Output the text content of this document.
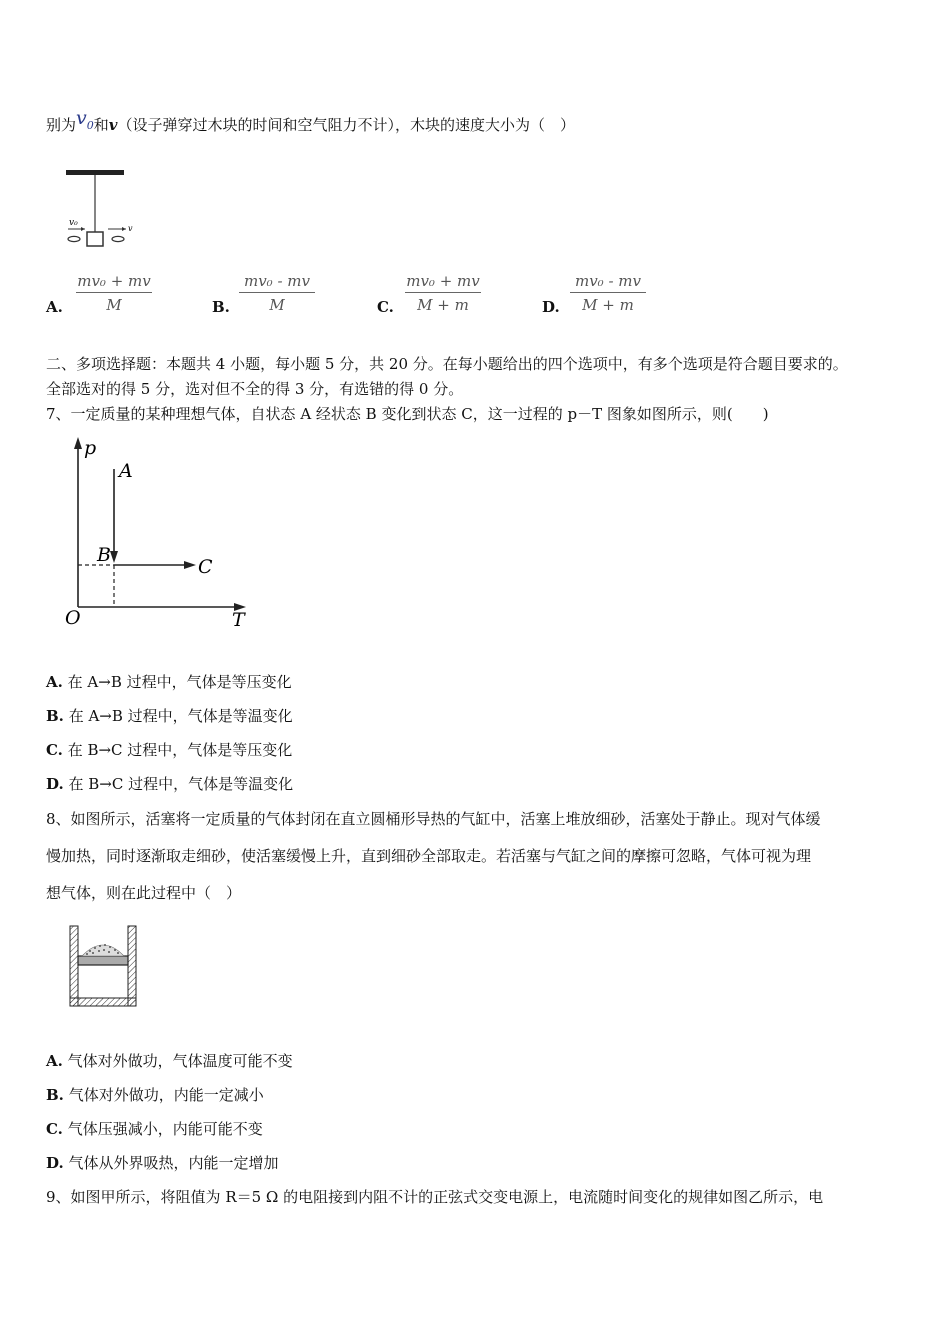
别为$v_0$和v（设子弹穿过木块的时间和空气阻力不计），木块的速度大小为（　）
v₀
v
A. $\frac{\text{mv₀ + mv}}{M}$	B. $\frac{\text{mv₀ - mv}}{M}$	C. $\frac{\text{mv₀ + mv}}{M + m}$	D. $\frac{\text{mv₀ - mv}}{M + m}$
二、多项选择题：本题共 4 小题，每小题 5 分，共 20 分。在每小题给出的四个选项中，有多个选项是符合题目要求的。
全部选对的得 5 分，选对但不全的得 3 分，有选错的得 0 分。
7、一定质量的某种理想气体，自状态 A 经状态 B 变化到状态 C，这一过程的 p－T 图象如图所示，则(　　)
p
T
O
A
B
C
A. 在 A→B 过程中，气体是等压变化
B. 在 A→B 过程中，气体是等温变化
C. 在 B→C 过程中，气体是等压变化
D. 在 B→C 过程中，气体是等温变化
8、如图所示，活塞将一定质量的气体封闭在直立圆桶形导热的气缸中，活塞上堆放细砂，活塞处于静止。现对气体缓
慢加热，同时逐渐取走细砂，使活塞缓慢上升，直到细砂全部取走。若活塞与气缸之间的摩擦可忽略，气体可视为理
想气体，则在此过程中（　）
A. 气体对外做功，气体温度可能不变
B. 气体对外做功，内能一定减小
C. 气体压强减小，内能可能不变
D. 气体从外界吸热，内能一定增加
9、如图甲所示，将阻值为 R＝5 Ω 的电阻接到内阻不计的正弦式交变电源上，电流随时间变化的规律如图乙所示，电
